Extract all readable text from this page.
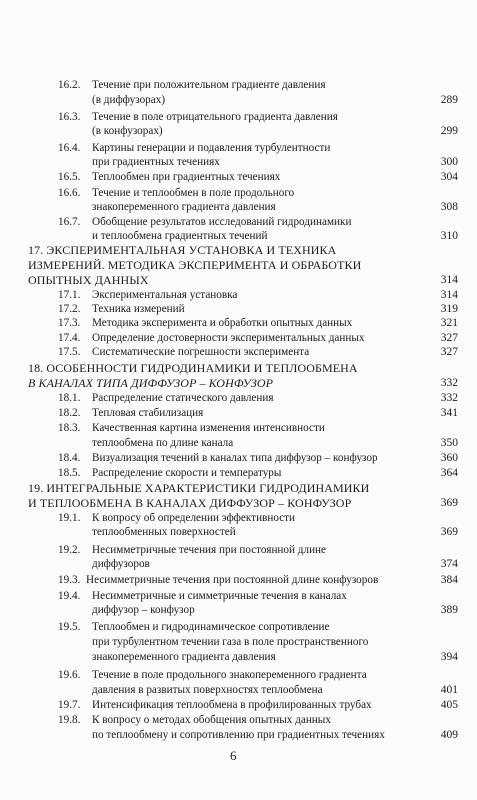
16.2. Течение при положительном градиенте давления
(в диффузорах)	289
16.3. Течение в поле отрицательного градиента давления
(в конфузорах)	299
16.4. Картины генерации и подавления турбулентности
при градиентных течениях	300
16.5. Теплообмен при градиентных течениях	304
16.6. Течение и теплообмен в поле продольного
знакопеременного градиента давления	308
16.7. Обобщение результатов исследований гидродинамики
и теплообмена градиентных течений	310
17. ЭКСПЕРИМЕНТАЛЬНАЯ УСТАНОВКА И ТЕХНИКА
ИЗМЕРЕНИЙ. МЕТОДИКА ЭКСПЕРИМЕНТА И ОБРАБОТКИ
ОПЫТНЫХ ДАННЫХ	314
17.1. Экспериментальная установка	314
17.2. Техника измерений	319
17.3. Методика эксперимента и обработки опытных данных	321
17.4. Определение достоверности экспериментальных данных	327
17.5. Систематические погрешности эксперимента	327
18. ОСОБЕННОСТИ ГИДРОДИНАМИКИ И ТЕПЛООБМЕНА
В КАНАЛАХ ТИПА ДИФФУЗОР – КОНФУЗОР	332
18.1. Распределение статического давления	332
18.2. Тепловая стабилизация	341
18.3. Качественная картина изменения интенсивности
теплообмена по длине канала	350
18.4. Визуализация течений в каналах типа диффузор – конфузор	360
18.5. Распределение скорости и температуры	364
19. ИНТЕГРАЛЬНЫЕ ХАРАКТЕРИСТИКИ ГИДРОДИНАМИКИ
И ТЕПЛООБМЕНА В КАНАЛАХ ДИФФУЗОР – КОНФУЗОР	369
19.1. К вопросу об определении эффективности
теплообменных поверхностей	369
19.2. Несимметричные течения при постоянной длине
диффузоров	374
19.3. Несимметричные течения при постоянной длине конфузоров	384
19.4. Несимметричные и симметричные течения в каналах
диффузор – конфузор	389
19.5. Теплообмен и гидродинамическое сопротивление
при турбулентном течении газа в поле пространственного
знакопеременного градиента давления	394
19.6. Течение в поле продольного знакопеременного градиента
давления в развитых поверхностях теплообмена	401
19.7. Интенсификация теплообмена в профилированных трубах	405
19.8. К вопросу о методах обобщения опытных данных
по теплообмену и сопротивлению при градиентных течениях	409
6
